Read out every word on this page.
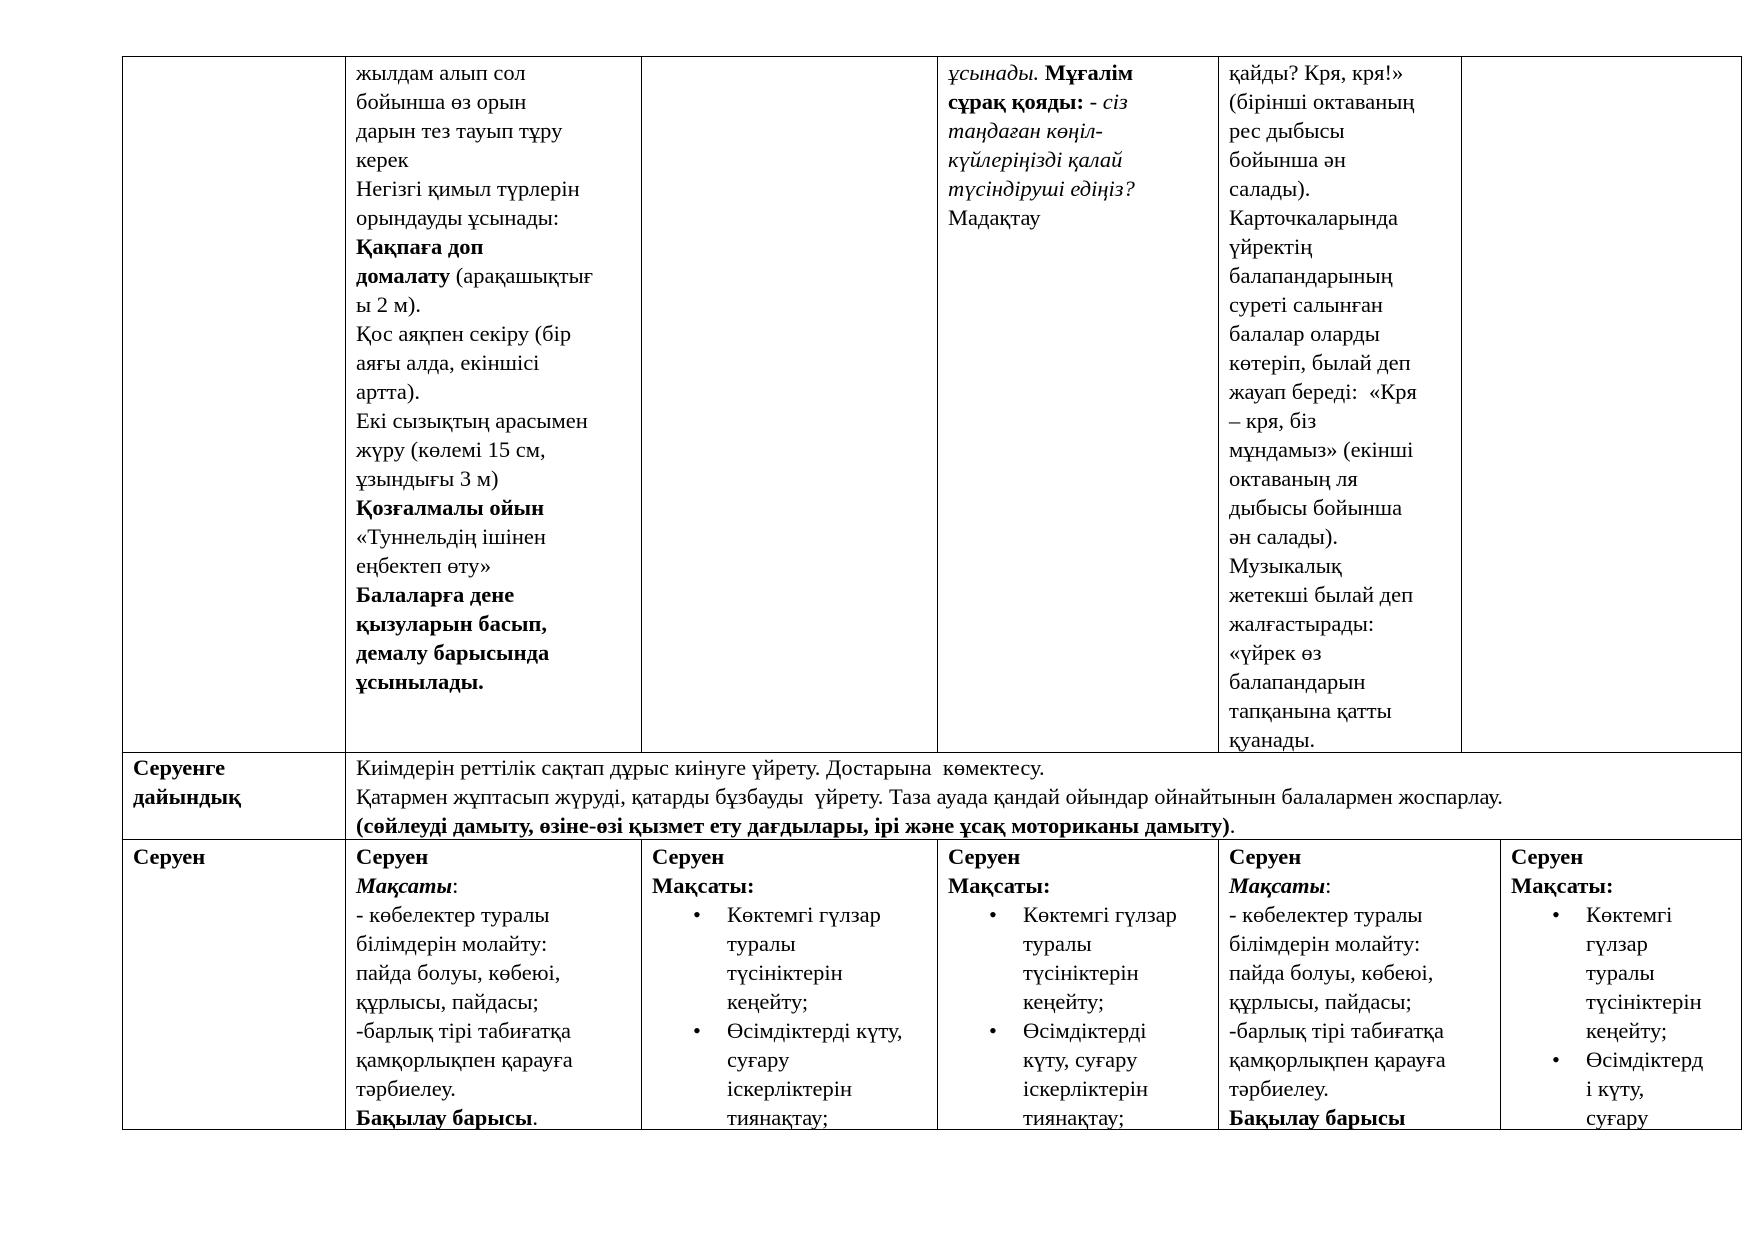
жылдам алып сол
бойынша өз орын
дарын тез тауып тұру
керек
Негізгі қимыл түрлерін
орындауды ұсынады:
Қақпаға доп
домалату (арақашықтығ
ы 2 м).
Қос аяқпен секіру (бір
аяғы алда, екіншісі
артта).
Екі сызықтың арасымен
жүру (көлемі 15 см,
ұзындығы 3 м)
Қозғалмалы ойын
«Туннельдің ішінен
еңбектеп өту»
Балаларға дене
қызуларын басып,
демалу барысында
ұсынылады.
ұсынады. Мұғалім
сұрақ қояды: - сіз
таңдаған көңіл-
күйлеріңізді қалай
түсіндіруші едіңіз?
Мадақтау
қайды? Кря, кря!»
(бірінші октаваның
рес дыбысы
бойынша ән
салады).
Карточкаларында
үйректің
балапандарының
суреті салынған
балалар оларды
көтеріп, былай деп
жауап береді:  «Кря
– кря, біз
мұндамыз» (екінші
октаваның ля
дыбысы бойынша
ән салады).
Музыкалық
жетекші былай деп
жалғастырады:
«үйрек өз
балапандарын
тапқанына қатты
қуанады.
Серуенге
дайындық
Киімдерін реттілік сақтап дұрыс киінуге үйрету. Достарына  көмектесу.
Қатармен жұптасып жүруді, қатарды бұзбауды  үйрету. Таза ауада қандай ойындар ойнайтынын балалармен жоспарлау.
(сөйлеуді дамыту, өзіне-өзі қызмет ету дағдылары, ірі және ұсақ моториканы дамыту).
Серуен	Серуен
Мақсаты:
- көбелектер туралы
білімдерін молайту:
пайда болуы, көбеюі,
құрлысы, пайдасы;
-барлық тірі табиғатқа
қамқорлықпен қарауға
тәрбиелеу.
Бақылау барысы.
Серуен
Мақсаты:
• Көктемгі гүлзар
туралы
түсініктерін
кеңейту;
• Өсімдіктерді күту,
суғару
іскерліктерін
тиянақтау;
Серуен
Мақсаты:
• Көктемгі гүлзар
туралы
түсініктерін
кеңейту;
• Өсімдіктерді
күту, суғару
іскерліктерін
тиянақтау;
Серуен
Мақсаты:
- көбелектер туралы
білімдерін молайту:
пайда болуы, көбеюі,
құрлысы, пайдасы;
-барлық тірі табиғатқа
қамқорлықпен қарауға
тәрбиелеу.
Бақылау барысы
Серуен
Мақсаты:
• Көктемгі
гүлзар
туралы
түсініктерін
кеңейту;
• Өсімдіктерд
і күту,
суғару
